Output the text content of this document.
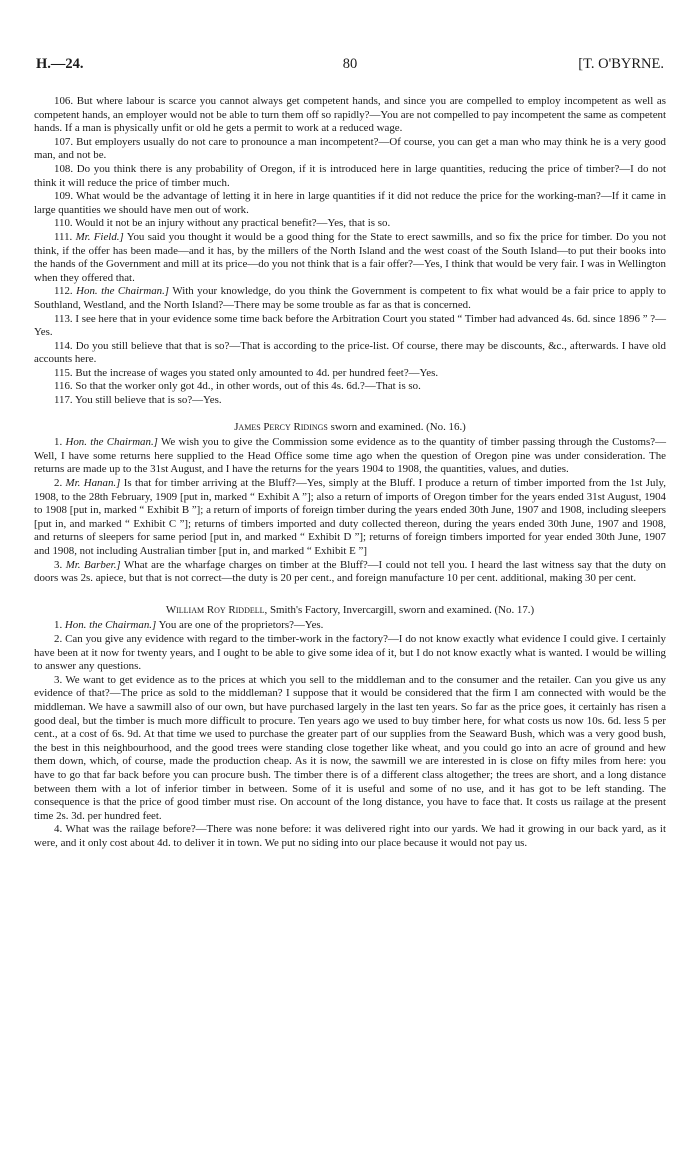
H.—24.	80	[T. O'BYRNE.

106. But where labour is scarce you cannot always get competent hands, and since you are compelled to employ incompetent as well as competent hands, an employer would not be able to turn them off so rapidly?—You are not compelled to pay incompetent the same as competent hands. If a man is physically unfit or old he gets a permit to work at a reduced wage.

107. But employers usually do not care to pronounce a man incompetent?—Of course, you can get a man who may think he is a very good man, and not be.

108. Do you think there is any probability of Oregon, if it is introduced here in large quantities, reducing the price of timber?—I do not think it will reduce the price of timber much.

109. What would be the advantage of letting it in here in large quantities if it did not reduce the price for the working-man?—If it came in large quantities we should have men out of work.

110. Would it not be an injury without any practical benefit?—Yes, that is so.

111. Mr. Field.] You said you thought it would be a good thing for the State to erect sawmills, and so fix the price for timber. Do you not think, if the offer has been made—and it has, by the millers of the North Island and the west coast of the South Island—to put their books into the hands of the Government and mill at its price—do you not think that is a fair offer?—Yes, I think that would be very fair. I was in Wellington when they offered that.

112. Hon. the Chairman.] With your knowledge, do you think the Government is competent to fix what would be a fair price to apply to Southland, Westland, and the North Island?—There may be some trouble as far as that is concerned.

113. I see here that in your evidence some time back before the Arbitration Court you stated “ Timber had advanced 4s. 6d. since 1896 ” ?—Yes.

114. Do you still believe that that is so?—That is according to the price-list. Of course, there may be discounts, &c., afterwards. I have old accounts here.

115. But the increase of wages you stated only amounted to 4d. per hundred feet?—Yes.

116. So that the worker only got 4d., in other words, out of this 4s. 6d.?—That is so.

117. You still believe that is so?—Yes.

James Percy Ridings sworn and examined. (No. 16.)

1. Hon. the Chairman.] We wish you to give the Commission some evidence as to the quantity of timber passing through the Customs?—Well, I have some returns here supplied to the Head Office some time ago when the question of Oregon pine was under consideration. The returns are made up to the 31st August, and I have the returns for the years 1904 to 1908, the quantities, values, and duties.

2. Mr. Hanan.] Is that for timber arriving at the Bluff?—Yes, simply at the Bluff. I produce a return of timber imported from the 1st July, 1908, to the 28th February, 1909 [put in, marked “ Exhibit A ”]; also a return of imports of Oregon timber for the years ended 31st August, 1904 to 1908 [put in, marked “ Exhibit B ”]; a return of imports of foreign timber during the years ended 30th June, 1907 and 1908, including sleepers [put in, and marked “ Exhibit C ”]; returns of timbers imported and duty collected thereon, during the years ended 30th June, 1907 and 1908, and returns of sleepers for same period [put in, and marked “ Exhibit D ”]; returns of foreign timbers imported for year ended 30th June, 1907 and 1908, not including Australian timber [put in, and marked “ Exhibit E ”]

3. Mr. Barber.] What are the wharfage charges on timber at the Bluff?—I could not tell you. I heard the last witness say that the duty on doors was 2s. apiece, but that is not correct—the duty is 20 per cent., and foreign manufacture 10 per cent. additional, making 30 per cent.

William Roy Riddell, Smith's Factory, Invercargill, sworn and examined. (No. 17.)

1. Hon. the Chairman.] You are one of the proprietors?—Yes.

2. Can you give any evidence with regard to the timber-work in the factory?—I do not know exactly what evidence I could give. I certainly have been at it now for twenty years, and I ought to be able to give some idea of it, but I do not know exactly what is wanted. I would be willing to answer any questions.

3. We want to get evidence as to the prices at which you sell to the middleman and to the consumer and the retailer. Can you give us any evidence of that?—The price as sold to the middleman? I suppose that it would be considered that the firm I am connected with would be the middleman. We have a sawmill also of our own, but have purchased largely in the last ten years. So far as the price goes, it certainly has risen a good deal, but the timber is much more difficult to procure. Ten years ago we used to buy timber here, for what costs us now 10s. 6d. less 5 per cent., at a cost of 6s. 9d. At that time we used to purchase the greater part of our supplies from the Seaward Bush, which was a very good bush, the best in this neighbourhood, and the good trees were standing close together like wheat, and you could go into an acre of ground and hew them down, which, of course, made the production cheap. As it is now, the sawmill we are interested in is close on fifty miles from here: you have to go that far back before you can procure bush. The timber there is of a different class altogether; the trees are short, and a long distance between them with a lot of inferior timber in between. Some of it is useful and some of no use, and it has got to be left standing. The consequence is that the price of good timber must rise. On account of the long distance, you have to face that. It costs us railage at the present time 2s. 3d. per hundred feet.

4. What was the railage before?—There was none before: it was delivered right into our yards. We had it growing in our back yard, as it were, and it only cost about 4d. to deliver it in town. We put no siding into our place because it would not pay us.
